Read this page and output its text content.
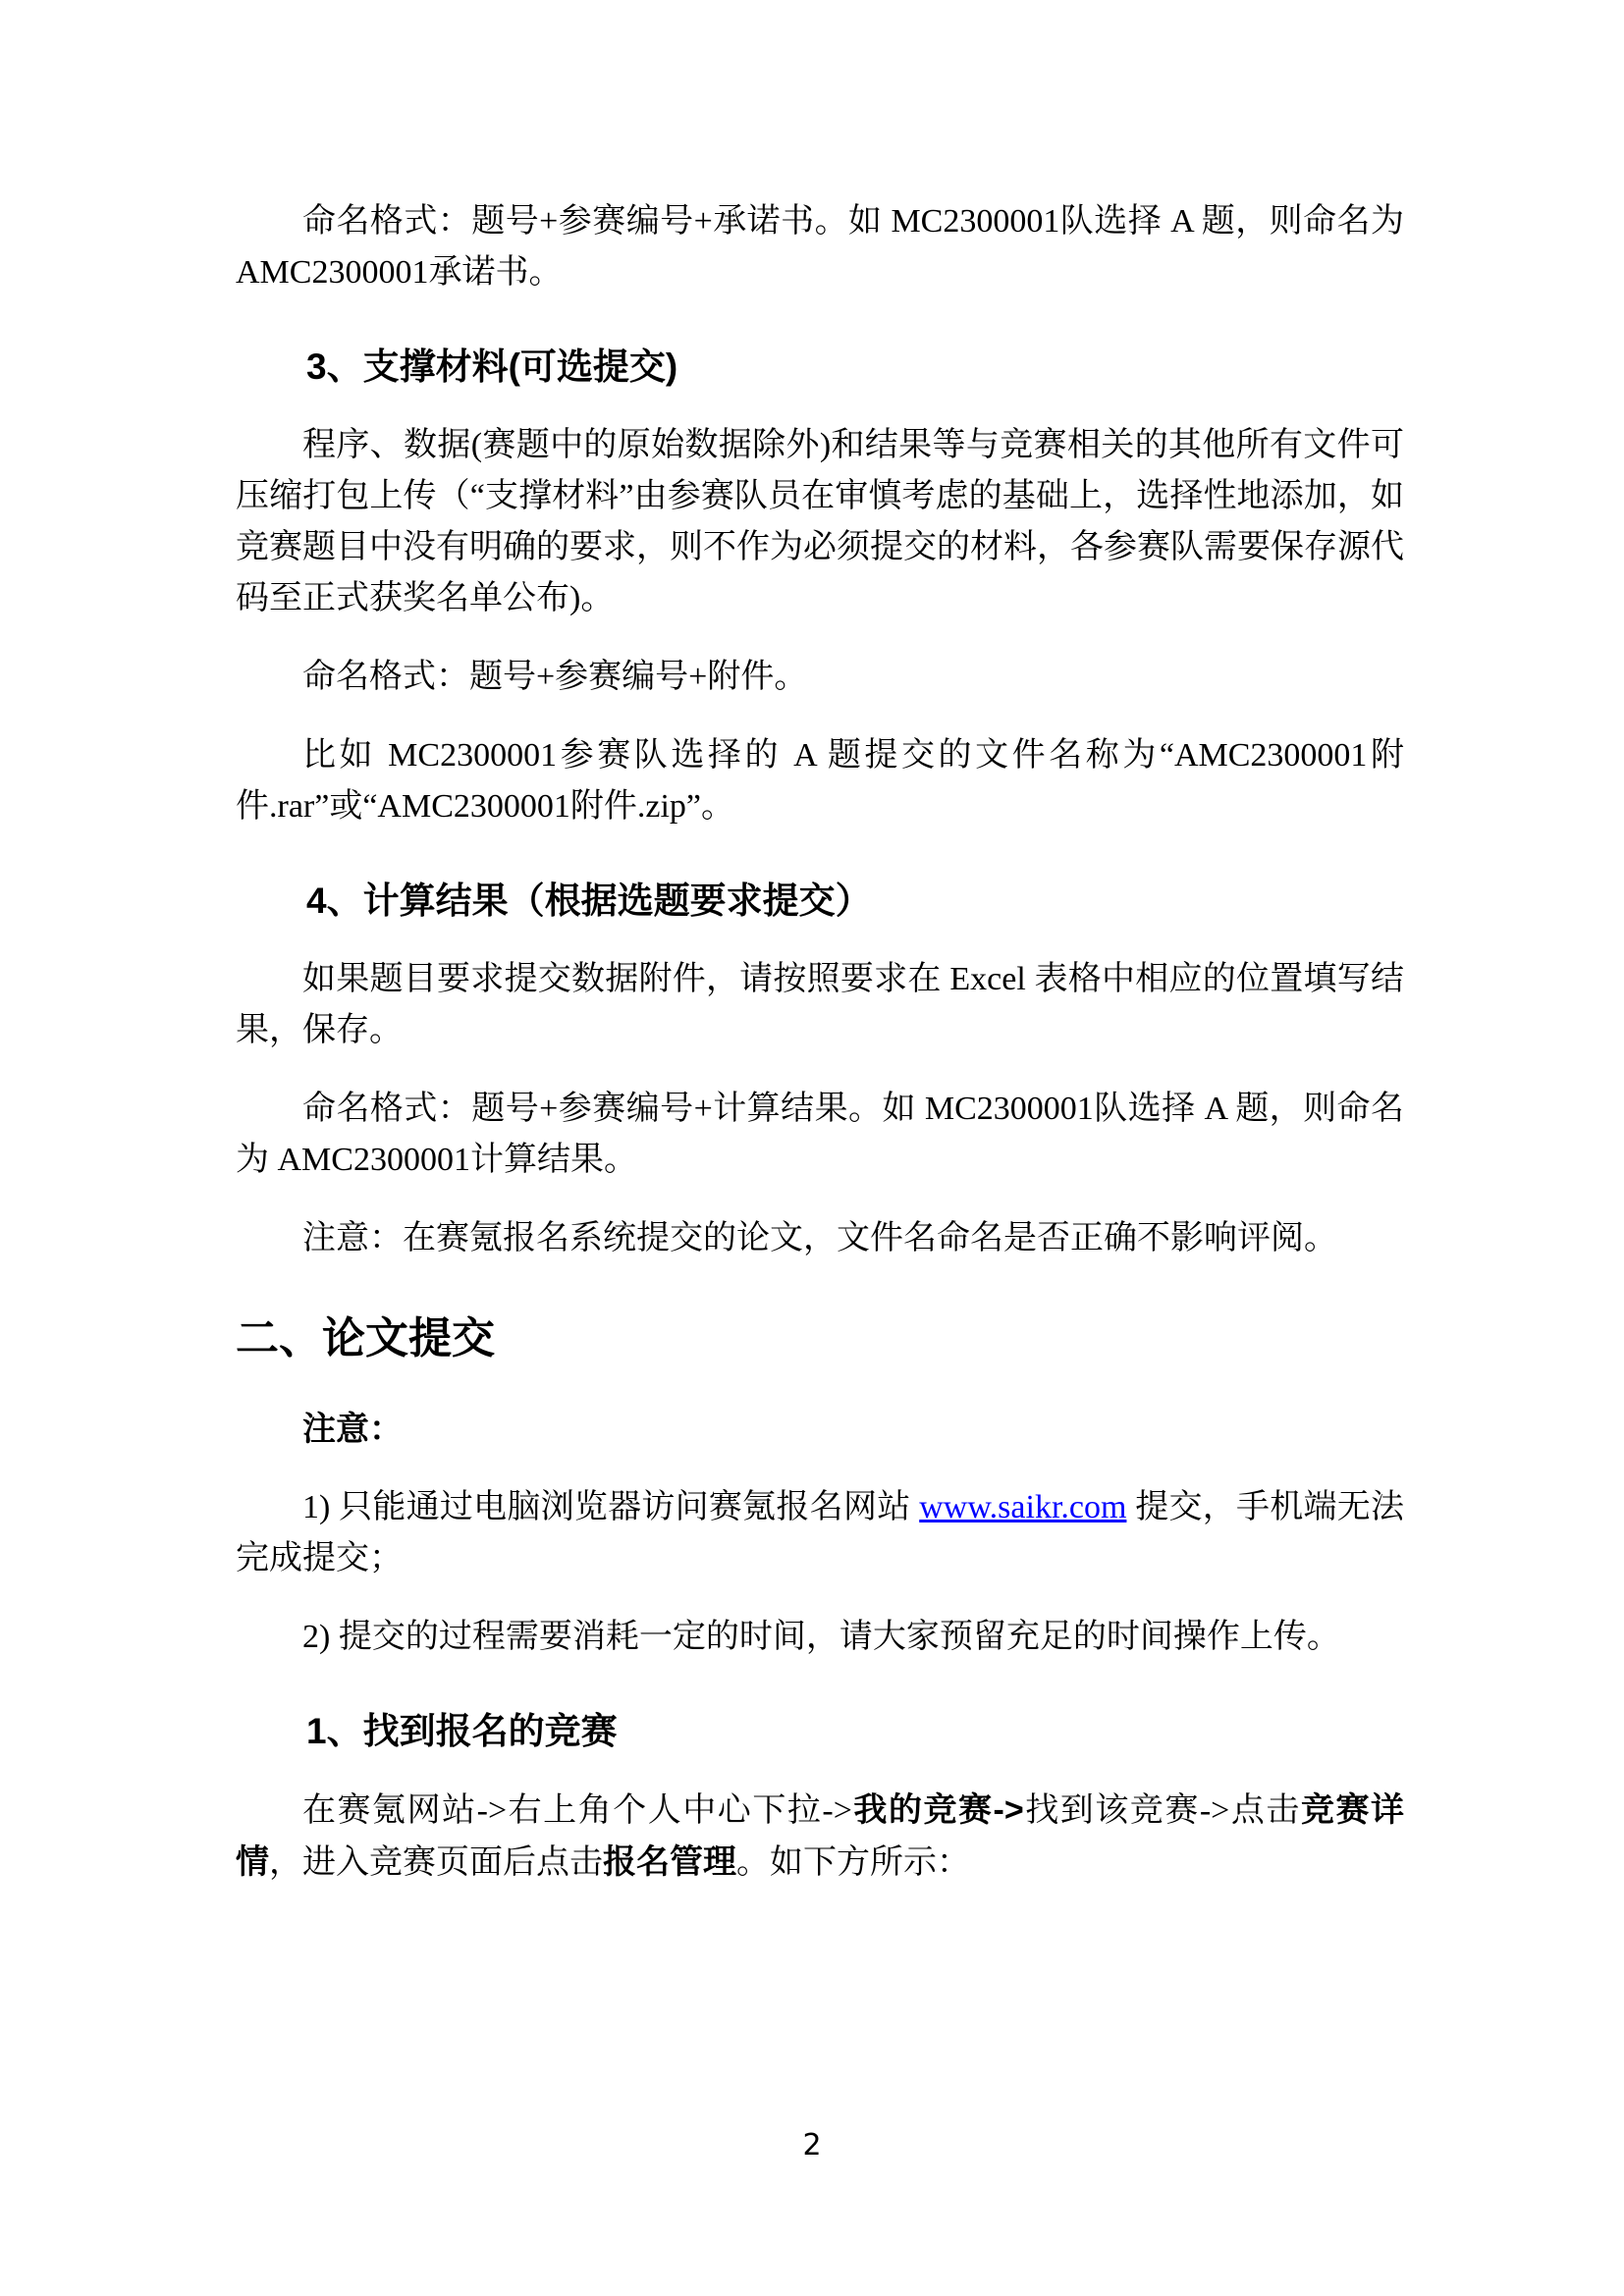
命名格式：题号+参赛编号+承诺书。如 MC2300001队选择 A 题，则命名为 AMC2300001承诺书。

3、支撑材料(可选提交)

程序、数据(赛题中的原始数据除外)和结果等与竞赛相关的其他所有文件可压缩打包上传（“支撑材料”由参赛队员在审慎考虑的基础上，选择性地添加，如竞赛题目中没有明确的要求，则不作为必须提交的材料，各参赛队需要保存源代码至正式获奖名单公布)。

命名格式：题号+参赛编号+附件。

比如 MC2300001参赛队选择的 A 题提交的文件名称为“AMC2300001附件.rar”或“AMC2300001附件.zip”。

4、计算结果（根据选题要求提交）

如果题目要求提交数据附件，请按照要求在 Excel 表格中相应的位置填写结果，保存。

命名格式：题号+参赛编号+计算结果。如 MC2300001队选择 A 题，则命名为 AMC2300001计算结果。

注意：在赛氪报名系统提交的论文，文件名命名是否正确不影响评阅。

二、论文提交

注意：

1) 只能通过电脑浏览器访问赛氪报名网站 www.saikr.com 提交，手机端无法完成提交；

2) 提交的过程需要消耗一定的时间，请大家预留充足的时间操作上传。

1、找到报名的竞赛

在赛氪网站->右上角个人中心下拉->我的竞赛->找到该竞赛->点击竞赛详情，进入竞赛页面后点击报名管理。如下方所示：

2
